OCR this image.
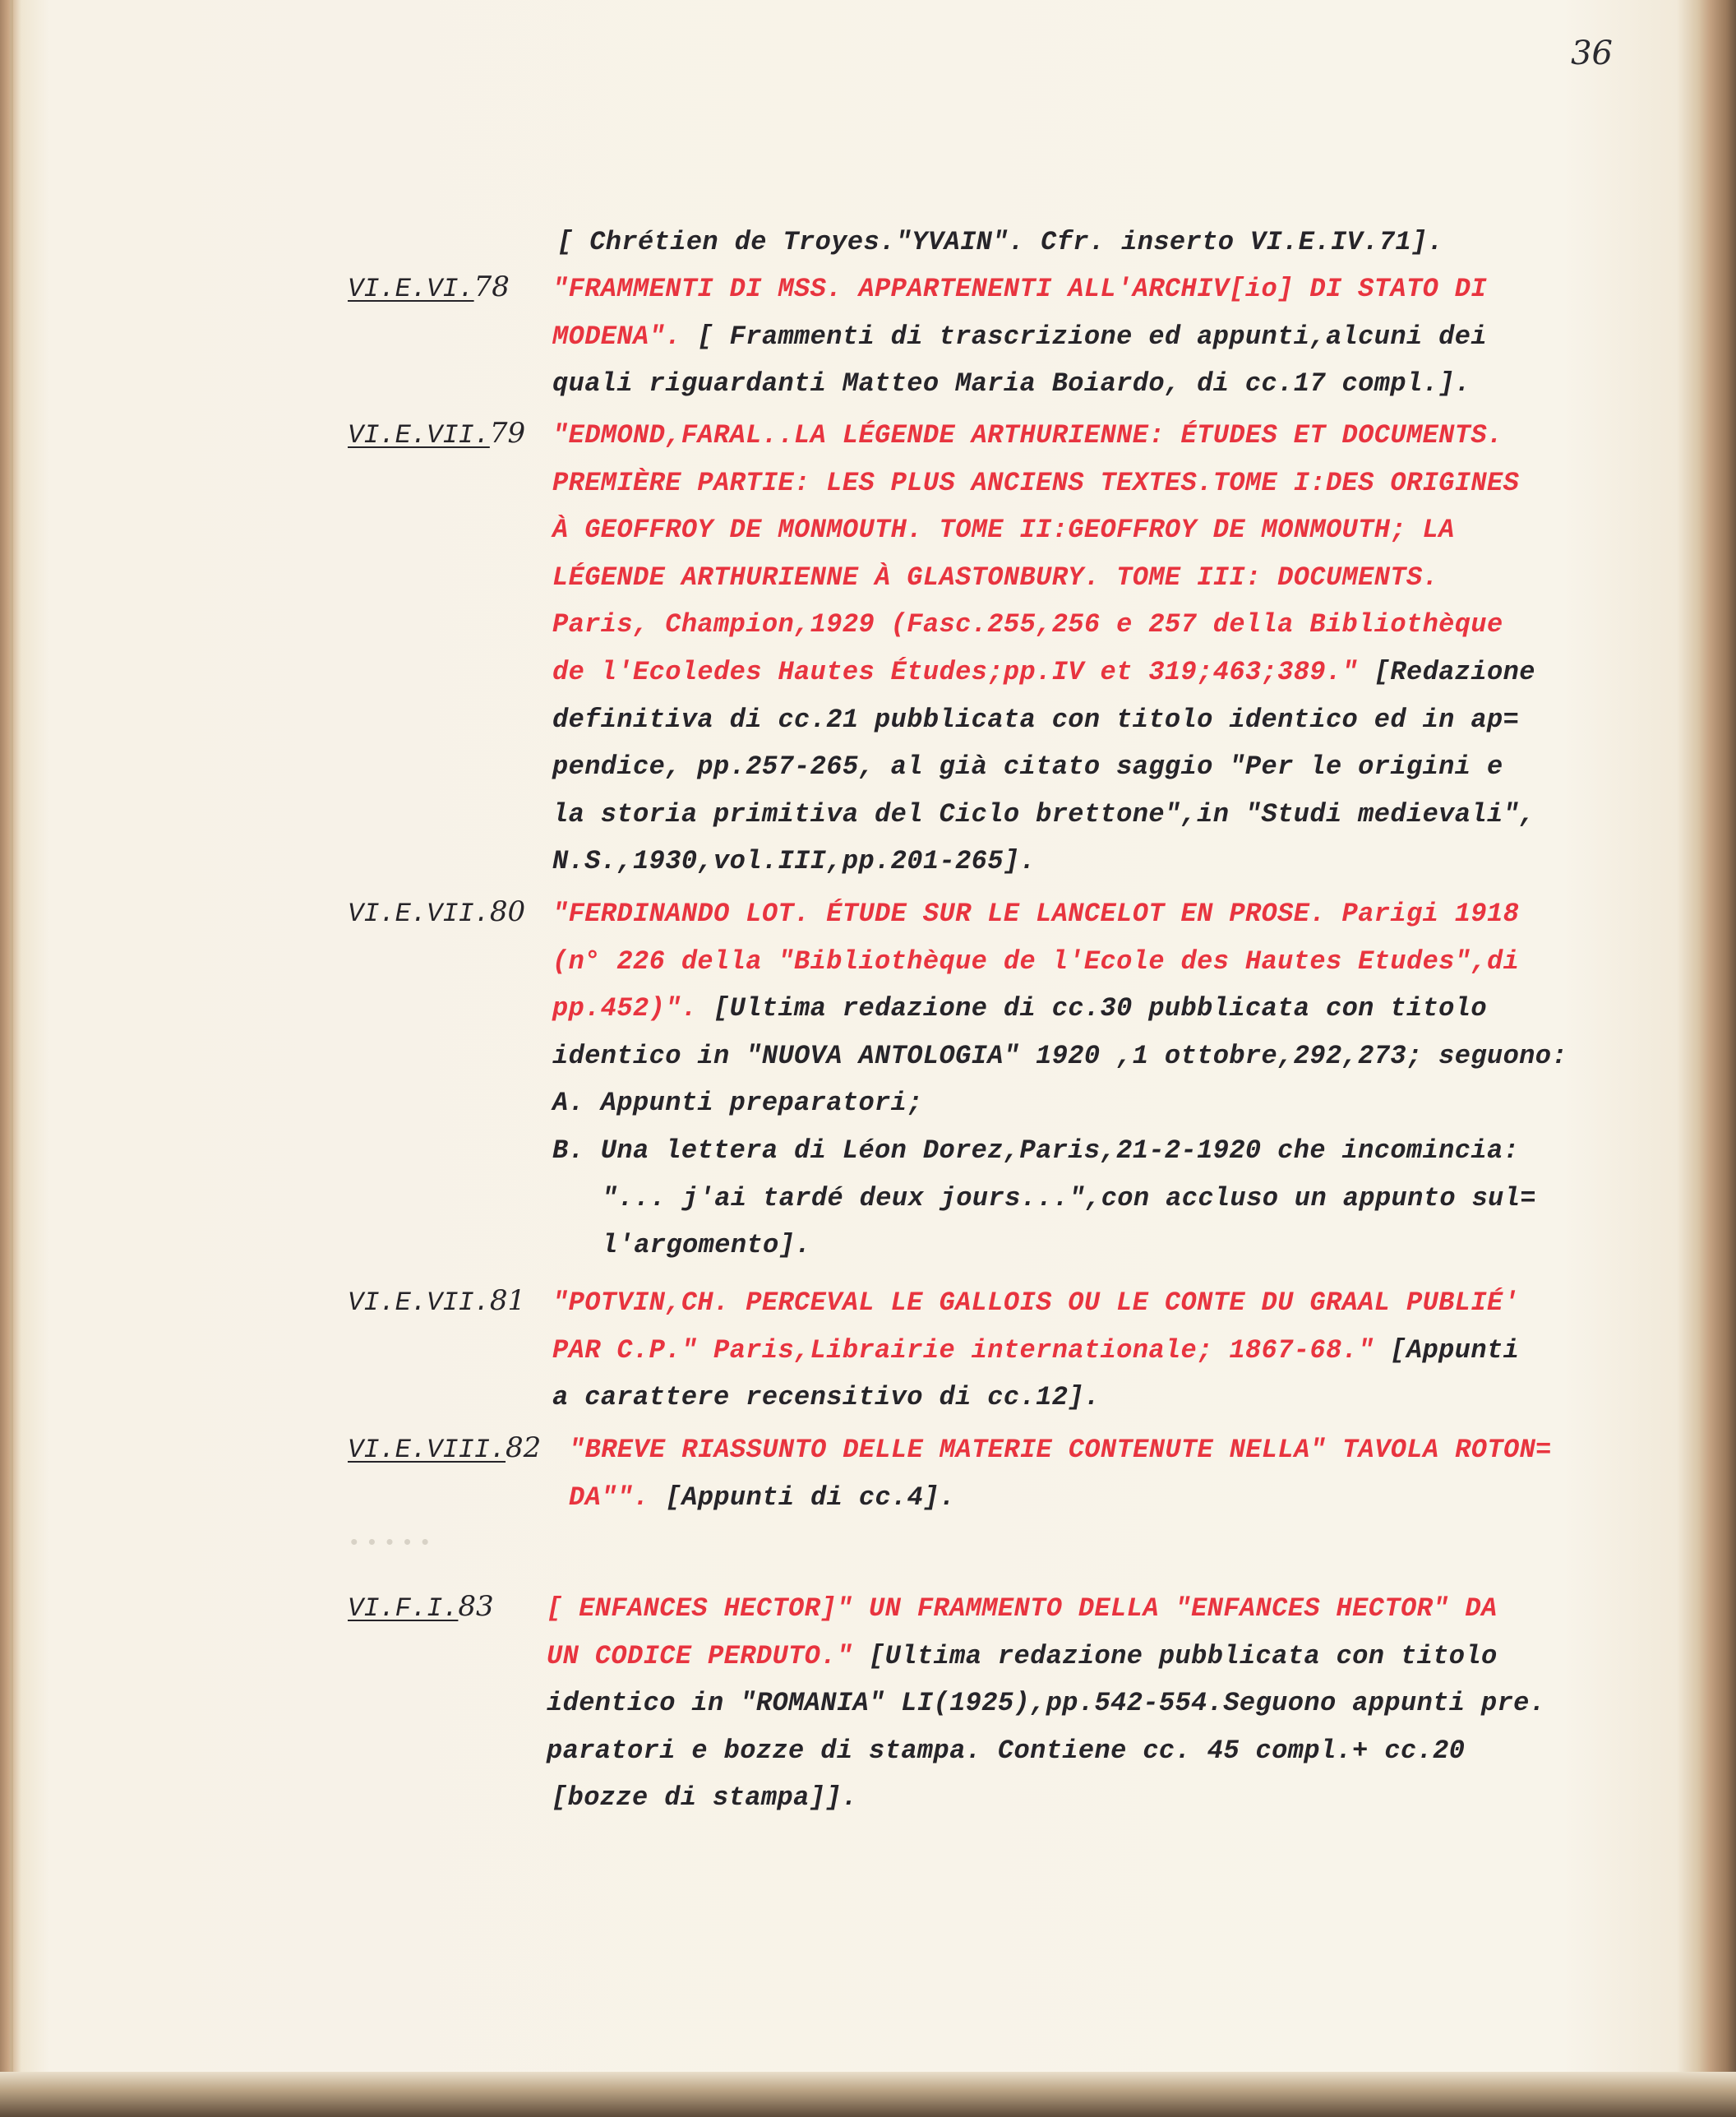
36
[ Chrétien de Troyes."YVAIN". Cfr. inserto VI.E.IV.71].
•••••
VI.E.VI.78 "FRAMMENTI DI MSS. APPARTENENTI ALL'ARCHIV[io] DI STATO DI
MODENA". [ Frammenti di trascrizione ed appunti,alcuni dei
quali riguardanti Matteo Maria Boiardo, di cc.17 compl.].
VI.E.VII.79 "EDMOND,FARAL..LA LÉGENDE ARTHURIENNE: ÉTUDES ET DOCUMENTS.
PREMIÈRE PARTIE: LES PLUS ANCIENS TEXTES.TOME I:DES ORIGINES
À GEOFFROY DE MONMOUTH. TOME II:GEOFFROY DE MONMOUTH; LA
LÉGENDE ARTHURIENNE À GLASTONBURY. TOME III: DOCUMENTS.
Paris, Champion,1929 (Fasc.255,256 e 257 della Bibliothèque
de l'Ecoledes Hautes Études;pp.IV et 319;463;389." [Redazione
definitiva di cc.21 pubblicata con titolo identico ed in ap=
pendice, pp.257-265, al già citato saggio "Per le origini e
la storia primitiva del Ciclo brettone",in "Studi medievali",
N.S.,1930,vol.III,pp.201-265].
VI.E.VII.80 "FERDINANDO LOT. ÉTUDE SUR LE LANCELOT EN PROSE. Parigi 1918
(n° 226 della "Bibliothèque de l'Ecole des Hautes Etudes",di
pp.452)". [Ultima redazione di cc.30 pubblicata con titolo
identico in "NUOVA ANTOLOGIA" 1920 ,1 ottobre,292,273; seguono:
A. Appunti preparatori;
B. Una lettera di Léon Dorez,Paris,21-2-1920 che incomincia:
"... j'ai tardé deux jours...",con accluso un appunto sul=
l'argomento].
VI.E.VII.81 "POTVIN,CH. PERCEVAL LE GALLOIS OU LE CONTE DU GRAAL PUBLIÉ'
PAR C.P." Paris,Librairie internationale; 1867-68." [Appunti
a carattere recensitivo di cc.12].
VI.E.VIII.82 "BREVE RIASSUNTO DELLE MATERIE CONTENUTE NELLA" TAVOLA ROTON=
DA"". [Appunti di cc.4].
VI.F.I.83 [ ENFANCES HECTOR]" UN FRAMMENTO DELLA "ENFANCES HECTOR" DA
UN CODICE PERDUTO." [Ultima redazione pubblicata con titolo
identico in "ROMANIA" LI(1925),pp.542-554.Seguono appunti pre.
paratori e bozze di stampa. Contiene cc. 45 compl.+ cc.20
[bozze di stampa]].
